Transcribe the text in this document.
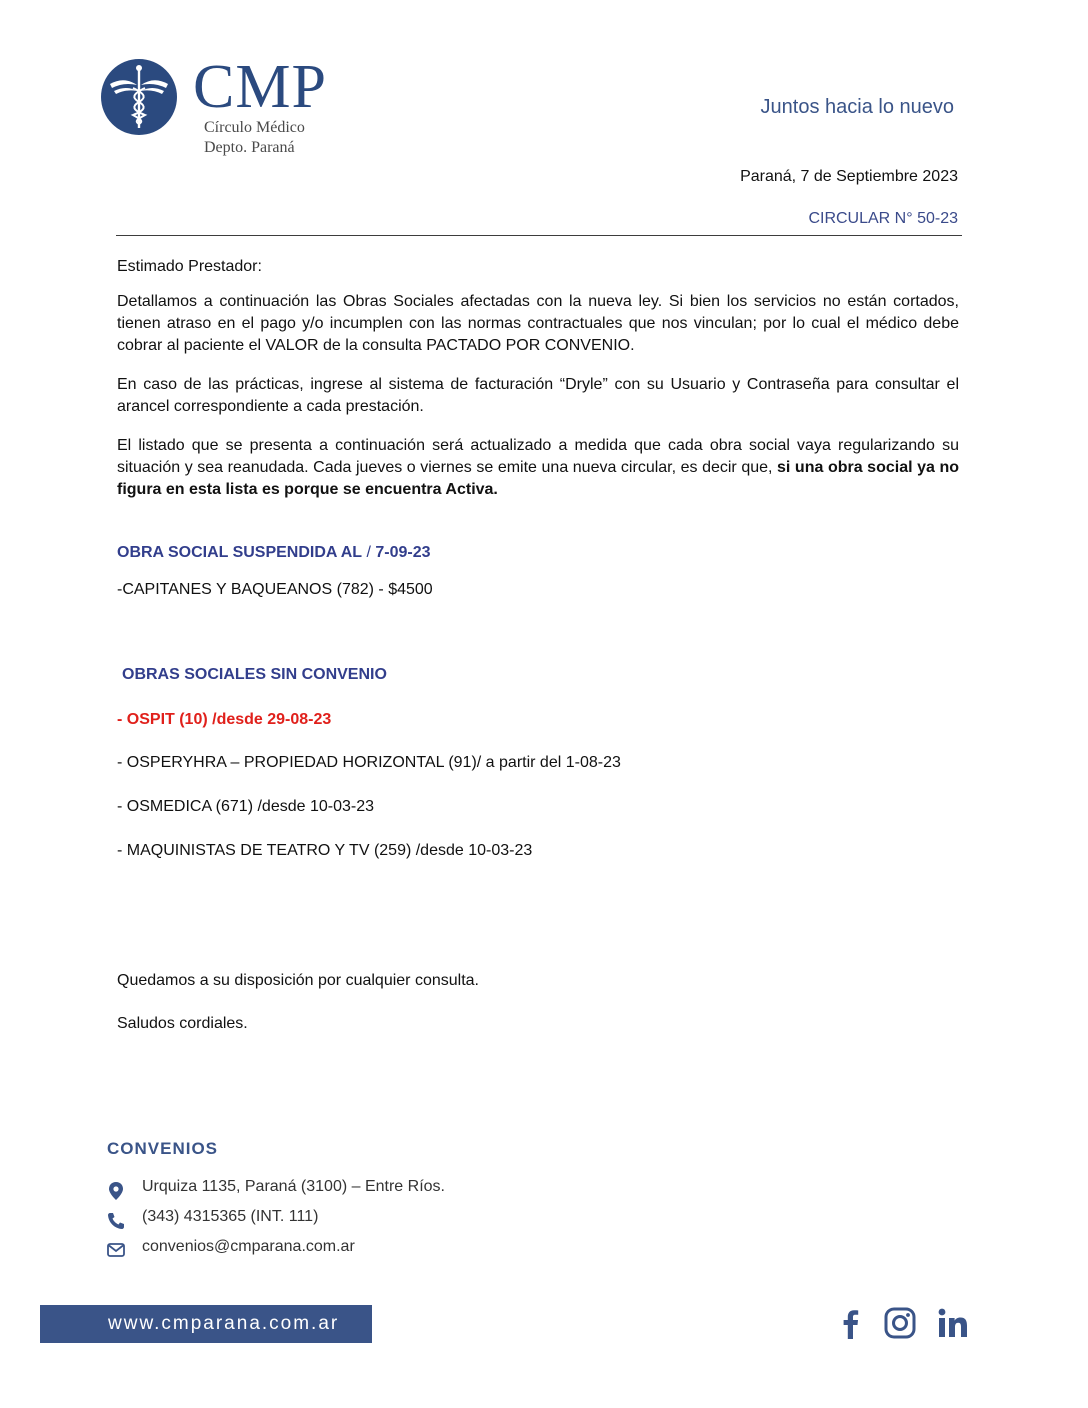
CMP
Círculo Médico
Depto. Paraná
Juntos hacia lo nuevo
Paraná, 7 de Septiembre 2023
CIRCULAR N° 50-23
Estimado Prestador:
Detallamos a continuación las Obras Sociales afectadas con la nueva ley. Si bien los servicios no están cortados, tienen atraso en el pago y/o incumplen con las normas contractuales que nos vinculan; por lo cual el médico debe cobrar al paciente el VALOR de la consulta PACTADO POR CONVENIO.
En caso de las prácticas, ingrese al sistema de facturación “Dryle” con su Usuario y Contraseña para consultar el arancel correspondiente a cada prestación.
El listado que se presenta a continuación será actualizado a medida que cada obra social vaya regularizando su situación y sea reanudada. Cada jueves o viernes se emite una nueva circular, es decir que, si una obra social ya no figura en esta lista es porque se encuentra Activa.
OBRA SOCIAL SUSPENDIDA AL / 7-09-23
-CAPITANES Y BAQUEANOS (782) - $4500
OBRAS SOCIALES SIN CONVENIO
- OSPIT (10) /desde 29-08-23
- OSPERYHRA – PROPIEDAD HORIZONTAL (91)/ a partir del 1-08-23
- OSMEDICA (671) /desde 10-03-23
- MAQUINISTAS DE TEATRO Y TV (259) /desde 10-03-23
Quedamos a su disposición por cualquier consulta.
Saludos cordiales.
CONVENIOS
Urquiza 1135, Paraná (3100) – Entre Ríos.
(343) 4315365 (INT. 111)
convenios@cmparana.com.ar
www.cmparana.com.ar
